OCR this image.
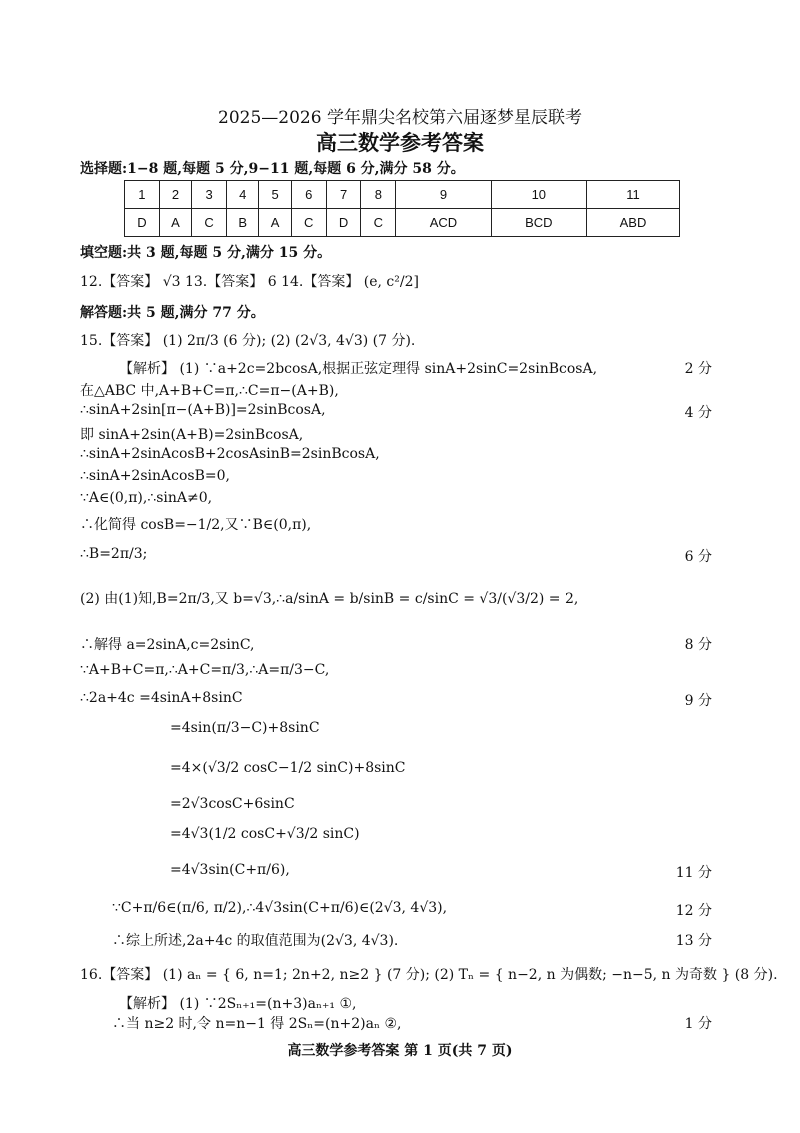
2025—2026 学年鼎尖名校第六届逐梦星辰联考
高三数学参考答案
选择题:1−8 题,每题 5 分,9−11 题,每题 6 分,满分 58 分。
1	2	3	4	5	6	7	8	9	10	11
D	A	C	B	A	C	D	C	ACD	BCD	ABD
填空题:共 3 题,每题 5 分,满分 15 分。
12.【答案】 √3 13.【答案】 6 14.【答案】 (e, c²/2]
解答题:共 5 题,满分 77 分。
15.【答案】 (1) 2π/3 (6 分); (2) (2√3, 4√3) (7 分).
【解析】 (1) ∵a+2c=2bcosA,根据正弦定理得 sinA+2sinC=2sinBcosA,	2 分
在△ABC 中,A+B+C=π,∴C=π−(A+B),
∴sinA+2sin[π−(A+B)]=2sinBcosA,	4 分
即 sinA+2sin(A+B)=2sinBcosA,
∴sinA+2sinAcosB+2cosAsinB=2sinBcosA,
∴sinA+2sinAcosB=0,
∵A∈(0,π),∴sinA≠0,
∴化简得 cosB=−1/2,又∵B∈(0,π),
∴B=2π/3;	6 分
(2) 由(1)知,B=2π/3,又 b=√3,∴a/sinA = b/sinB = c/sinC = √3/(√3/2) = 2,
∴解得 a=2sinA,c=2sinC,	8 分
∵A+B+C=π,∴A+C=π/3,∴A=π/3−C,
∴2a+4c =4sinA+8sinC	9 分
=4sin(π/3−C)+8sinC
=4×(√3/2 cosC−1/2 sinC)+8sinC
=2√3cosC+6sinC
=4√3(1/2 cosC+√3/2 sinC)
=4√3sin(C+π/6),	11 分
∵C+π/6∈(π/6, π/2),∴4√3sin(C+π/6)∈(2√3, 4√3),	12 分
∴综上所述,2a+4c 的取值范围为(2√3, 4√3).	13 分
16.【答案】 (1) aₙ = { 6, n=1; 2n+2, n≥2 } (7 分); (2) Tₙ = { n−2, n 为偶数; −n−5, n 为奇数 } (8 分).
【解析】 (1) ∵2Sₙ₊₁=(n+3)aₙ₊₁ ①,
∴当 n≥2 时,令 n=n−1 得 2Sₙ=(n+2)aₙ ②,	1 分
高三数学参考答案 第 1 页(共 7 页)
